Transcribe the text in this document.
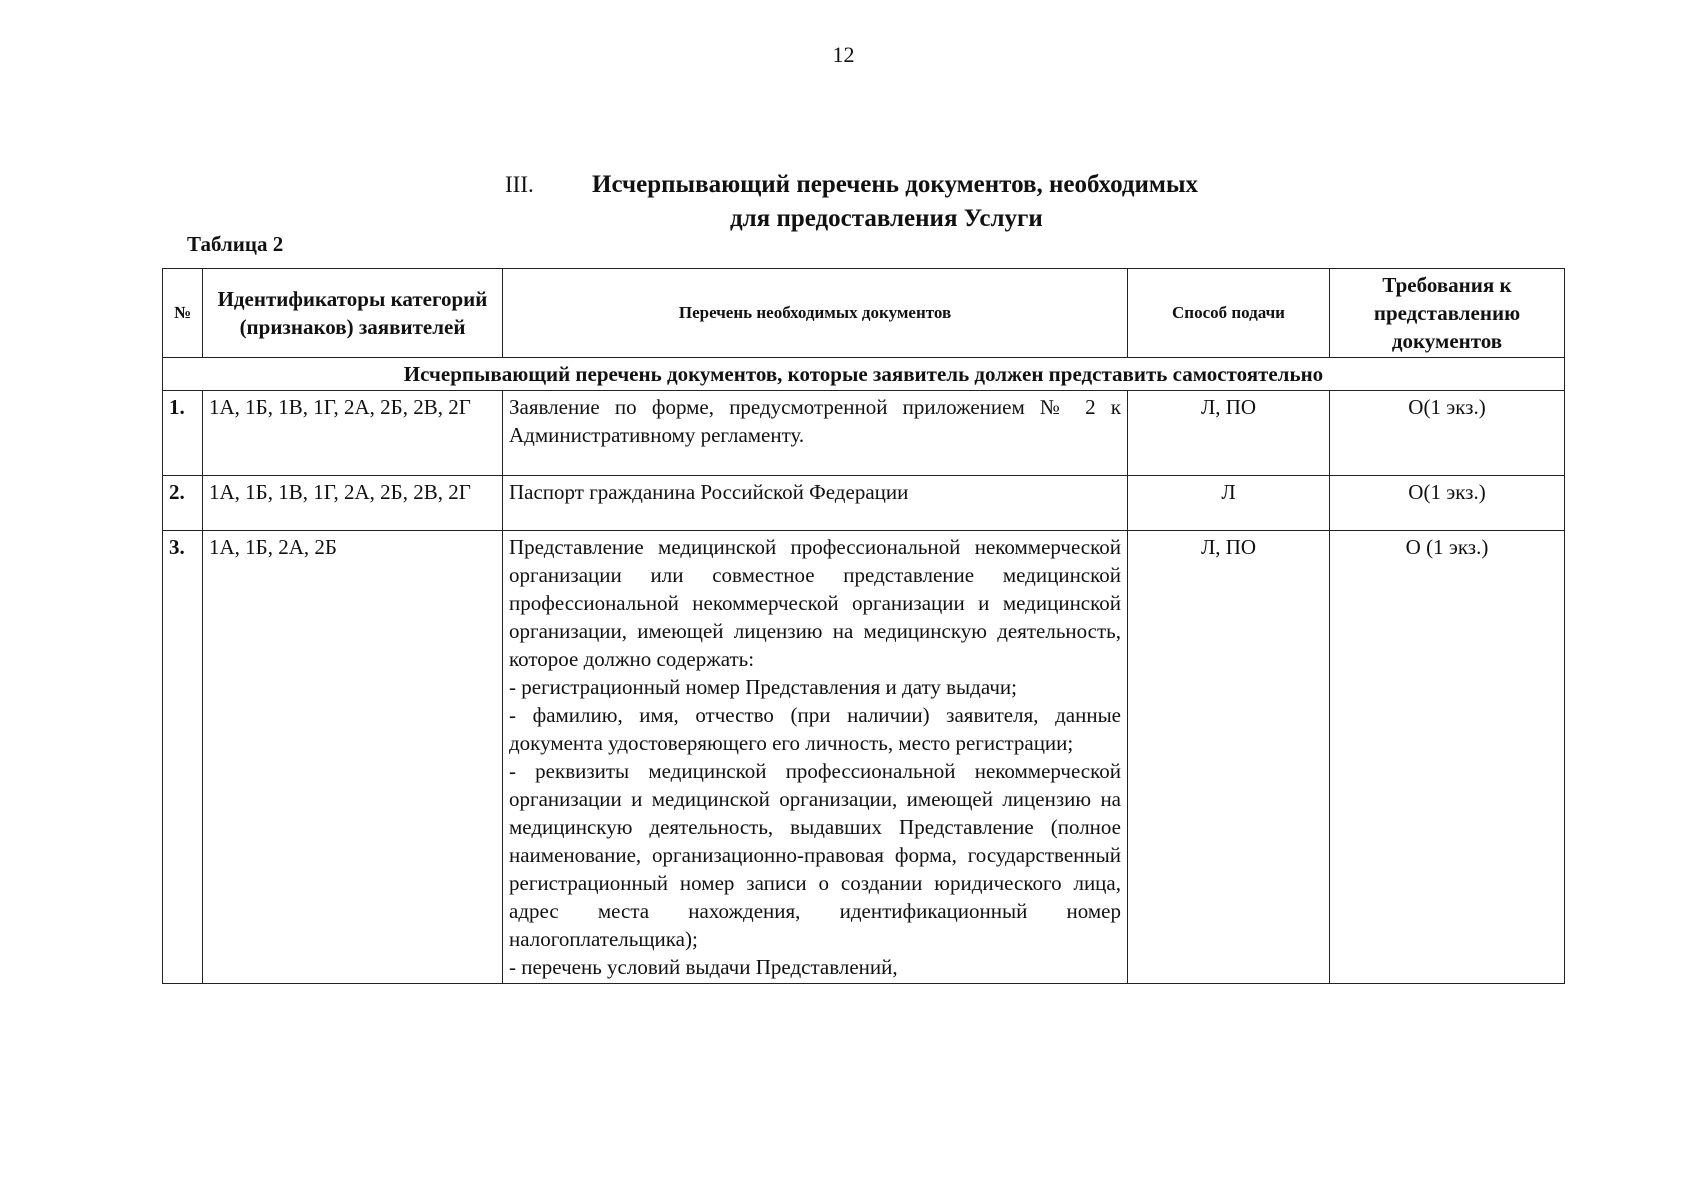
12
III. Исчерпывающий перечень документов, необходимых
для предоставления Услуги
Таблица 2
№	Идентификаторы категорий (признаков) заявителей	Перечень необходимых документов	Способ подачи	Требования к представлению документов
Исчерпывающий перечень документов, которые заявитель должен представить самостоятельно				
1.	1А, 1Б, 1В, 1Г, 2А, 2Б, 2В, 2Г	Заявление по форме, предусмотренной приложением № 2 к Административному регламенту.	Л, ПО	О(1 экз.)
2.	1А, 1Б, 1В, 1Г, 2А, 2Б, 2В, 2Г	Паспорт гражданина Российской Федерации	Л	О(1 экз.)
3.	1А, 1Б, 2А, 2Б	Представление медицинской профессиональной некоммерческой организации или совместное представление медицинской профессиональной некоммерческой организации и медицинской организации, имеющей лицензию на медицинскую деятельность, которое должно содержать:
- регистрационный номер Представления и дату выдачи;
- фамилию, имя, отчество (при наличии) заявителя, данные документа удостоверяющего его личность, место регистрации;
- реквизиты медицинской профессиональной некоммерческой организации и медицинской организации, имеющей лицензию на медицинскую деятельность, выдавших Представление (полное наименование, организационно-правовая форма, государственный регистрационный номер записи о создании юридического лица, адрес места нахождения, идентификационный номер налогоплательщика);
- перечень условий выдачи Представлений,	Л, ПО	О (1 экз.)
